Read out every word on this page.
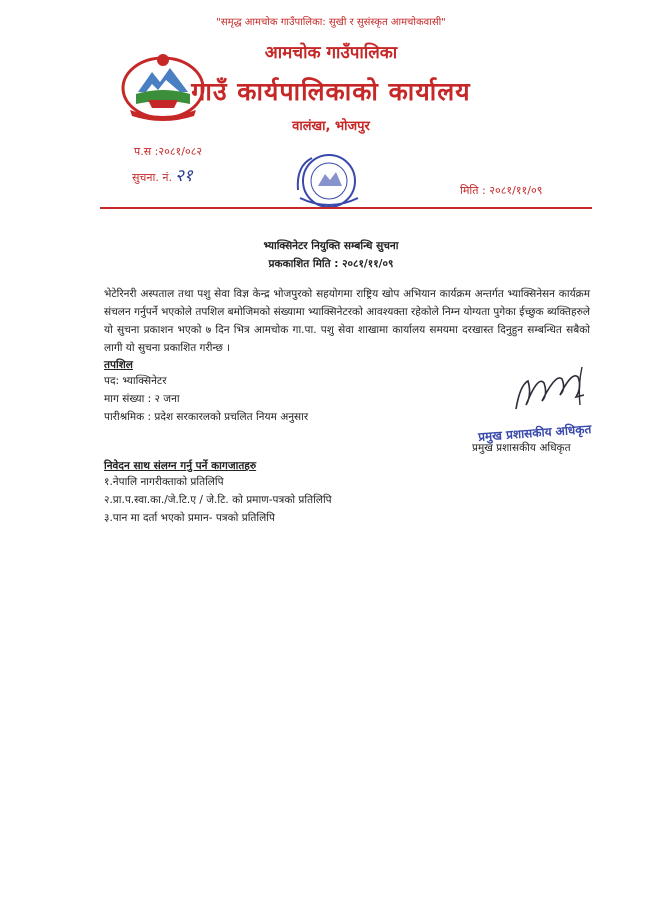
"समृद्ध आमचोक गाउँपालिका: सुखी र सुसंस्कृत आमचोकवासी"
आमचोक गाउँपालिका
गाउँ कार्यपालिकाको कार्यालय
वालंखा, भोजपुर
प.स :२०८१/०८२
सुचना. नं. २१
मिति : २०८१/११/०९
भ्याक्सिनेटर नियुक्ति सम्बन्धि सुचना
प्रककाशित मिति : २०८१/११/०९
भेटेरिनरी अस्पताल तथा पशु सेवा विज्ञ केन्द्र भोजपुरको सहयोगमा राष्ट्रिय खोप अभियान कार्यक्रम अन्तर्गत भ्याक्सिनेसन कार्यक्रम संचलन गर्नुपर्ने भएकोले तपशिल बमोजिमको संख्यामा भ्याक्सिनेटरको आवश्यक्ता रहेकोले निम्न योग्यता पुगेका ईच्छुक ब्यक्तिहरुले यो सुचना प्रकाशन भएको ७ दिन भित्र आमचोक गा.पा. पशु सेवा शाखामा कार्यालय समयमा दरखास्त दिनुहुन सम्बन्धित सबैको लागी यो सुचना प्रकाशित गरीन्छ ।
तपशिल
पद: भ्याक्सिनेटर
माग संख्या : २ जना
पारीश्रमिक : प्रदेश सरकारलको प्रचलित नियम अनुसार
प्रमुख प्रशासकीय अधिकृत
प्रमुख प्रशासकीय अधिकृत
निवेदन साथ संलग्न गर्नु पर्ने कागजातहरु
१.नेपालि नागरीक्ताको प्रतिलिपि
२.प्रा.प.स्वा.का./जे.टि.ए / जे.टि. को प्रमाण-पत्रको प्रतिलिपि
३.पान मा दर्ता भएको प्रमान- पत्रको प्रतिलिपि
